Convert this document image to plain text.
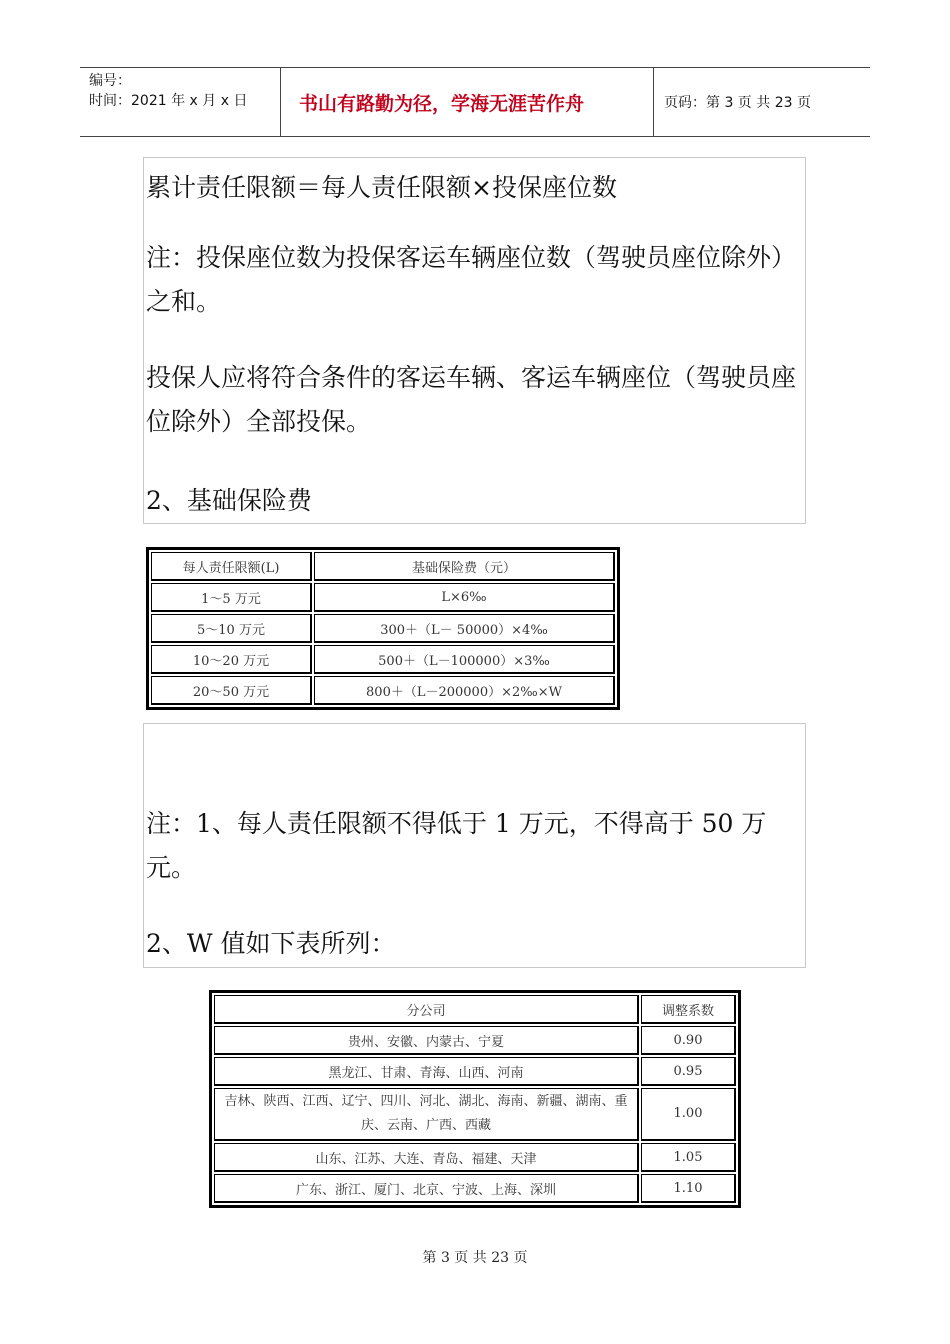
编号：
时间：2021 年 x 月 x 日	书山有路勤为径，学海无涯苦作舟	页码：第 3 页 共 23 页

累计责任限额＝每人责任限额×投保座位数

注：投保座位数为投保客运车辆座位数（驾驶员座位除外）之和。

投保人应将符合条件的客运车辆、客运车辆座位（驾驶员座位除外）全部投保。

2、基础保险费

每人责任限额(L)	基础保险费（元）
1～5 万元	L×6‰
5～10 万元	300＋（L－ 50000）×4‰
10～20 万元	500＋（L－100000）×3‰
20～50 万元	800＋（L－200000）×2‰×W

注：1、每人责任限额不得低于 1 万元，不得高于 50 万元。

2、W 值如下表所列：

分公司	调整系数
贵州、安徽、内蒙古、宁夏	0.90
黑龙江、甘肃、青海、山西、河南	0.95
吉林、陕西、江西、辽宁、四川、河北、湖北、海南、新疆、湖南、重庆、云南、广西、西藏	1.00
山东、江苏、大连、青岛、福建、天津	1.05
广东、浙江、厦门、北京、宁波、上海、深圳	1.10
第 3 页 共 23 页
